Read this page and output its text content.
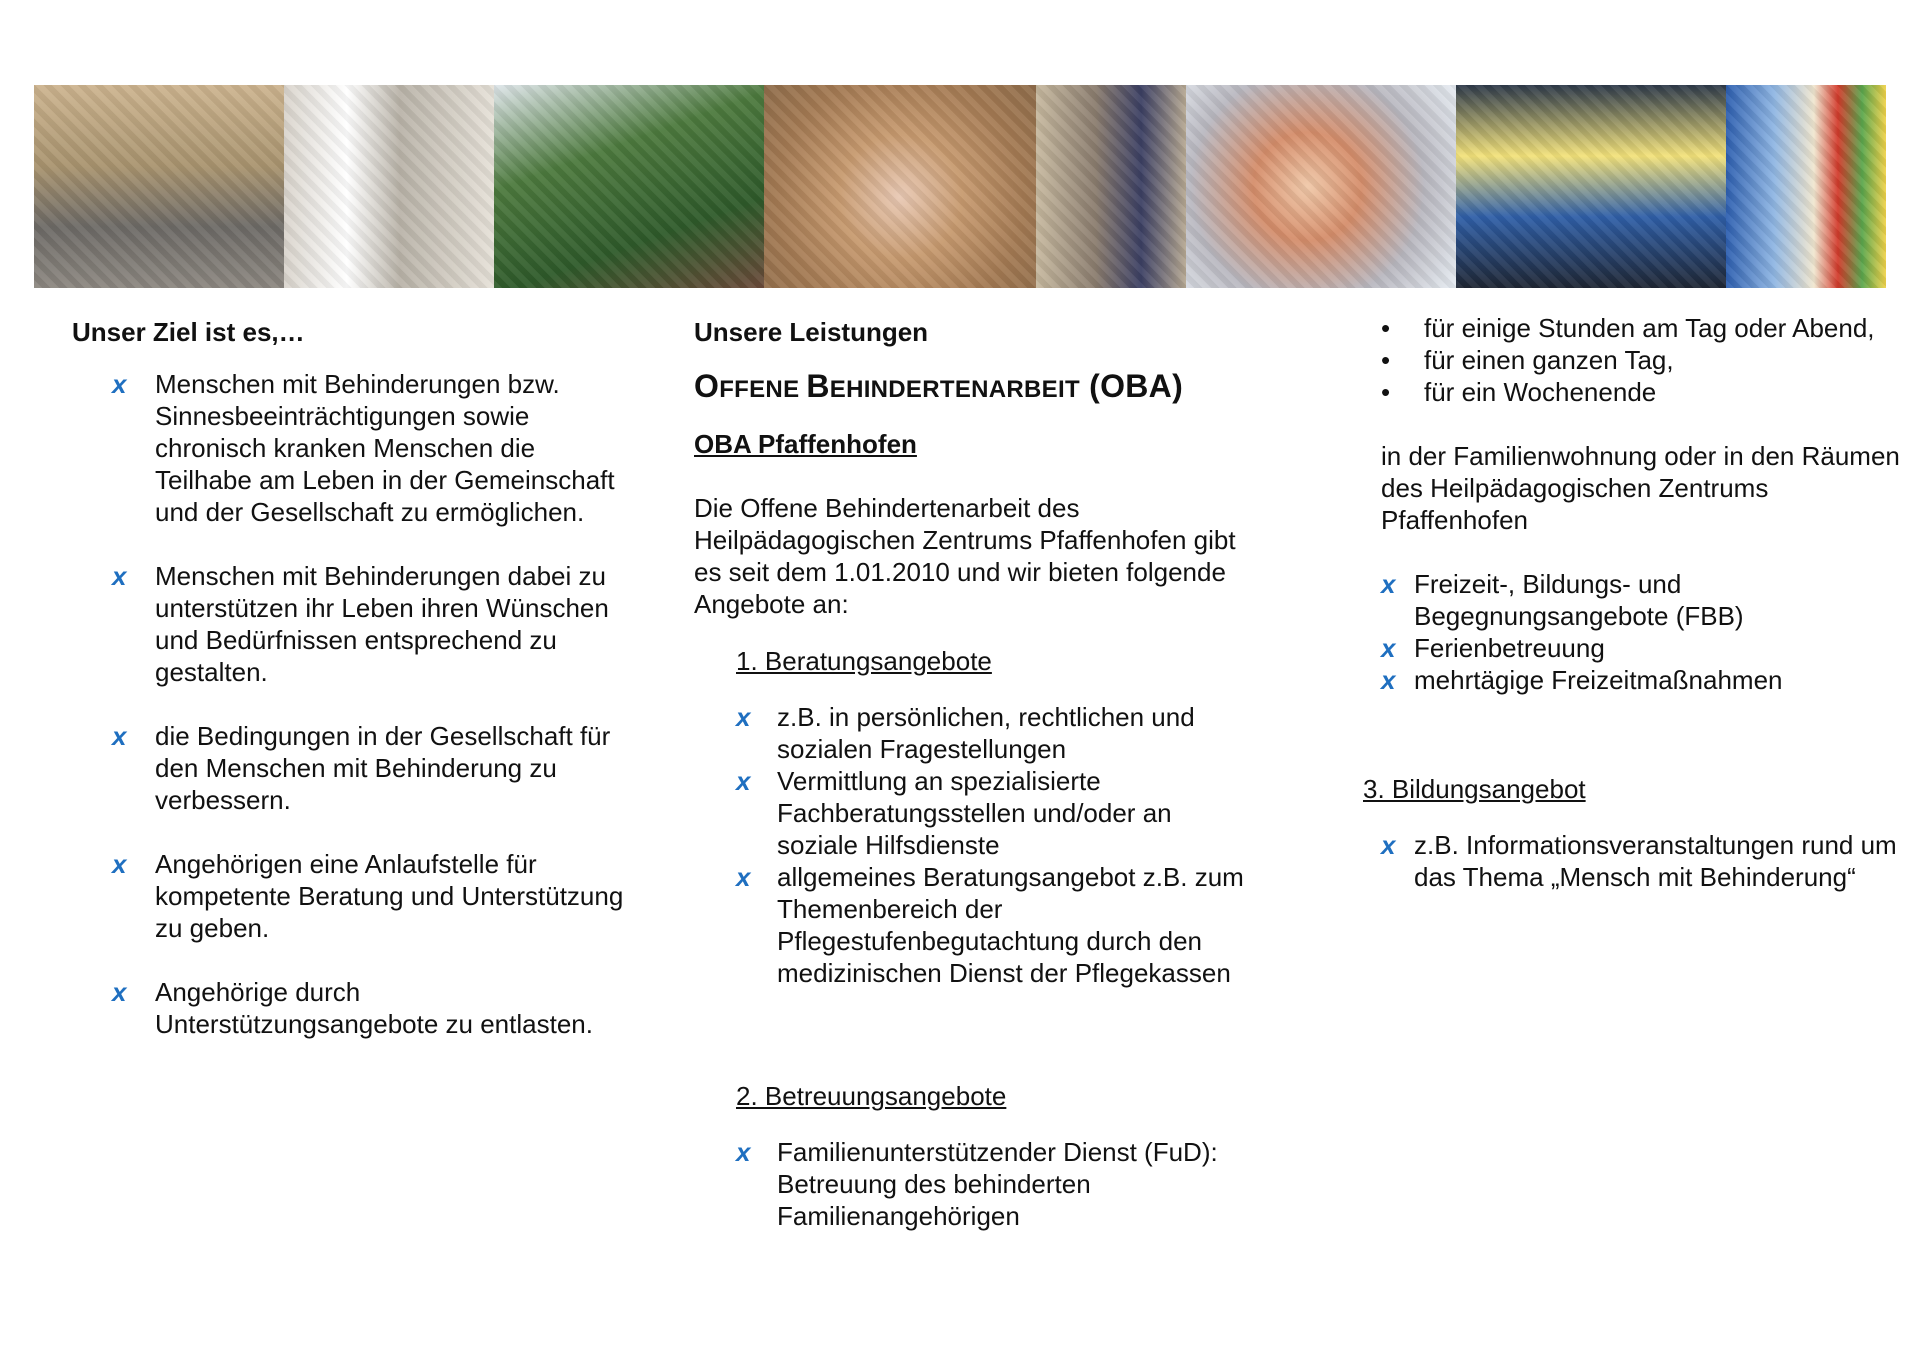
Unser Ziel ist es,…
x Menschen mit Behinderungen bzw. Sinnesbeeinträchtigungen sowie chronisch kranken Menschen die Teilhabe am Leben in der Gemeinschaft und der Gesellschaft zu ermöglichen.
x Menschen mit Behinderungen dabei zu unterstützen ihr Leben ihren Wünschen und Bedürfnissen entsprechend zu gestalten.
x die Bedingungen in der Gesellschaft für den Menschen mit Behinderung zu verbessern.
x Angehörigen eine Anlaufstelle für kompetente Beratung und Unterstützung zu geben.
x Angehörige durch Unterstützungsangebote zu entlasten.
Unsere Leistungen
OFFENE BEHINDERTENARBEIT (OBA)
OBA Pfaffenhofen
Die Offene Behindertenarbeit des Heilpädagogischen Zentrums Pfaffenhofen gibt es seit dem 1.01.2010 und wir bieten folgende Angebote an:
1. Beratungsangebote
x z.B. in persönlichen, rechtlichen und sozialen Fragestellungen
x Vermittlung an spezialisierte Fachberatungsstellen und/oder an soziale Hilfsdienste
x allgemeines Beratungsangebot z.B. zum Themenbereich der Pflegestufenbegutachtung durch den medizinischen Dienst der Pflegekassen
2. Betreuungsangebote
x Familienunterstützender Dienst (FuD):
Betreuung des behinderten Familienangehörigen
• für einige Stunden am Tag oder Abend,
• für einen ganzen Tag,
• für ein Wochenende
in der Familienwohnung oder in den Räumen des Heilpädagogischen Zentrums Pfaffenhofen
x Freizeit-, Bildungs- und Begegnungsangebote (FBB)
x Ferienbetreuung
x mehrtägige Freizeitmaßnahmen
3. Bildungsangebot
x z.B. Informationsveranstaltungen rund um das Thema „Mensch mit Behinderung“
